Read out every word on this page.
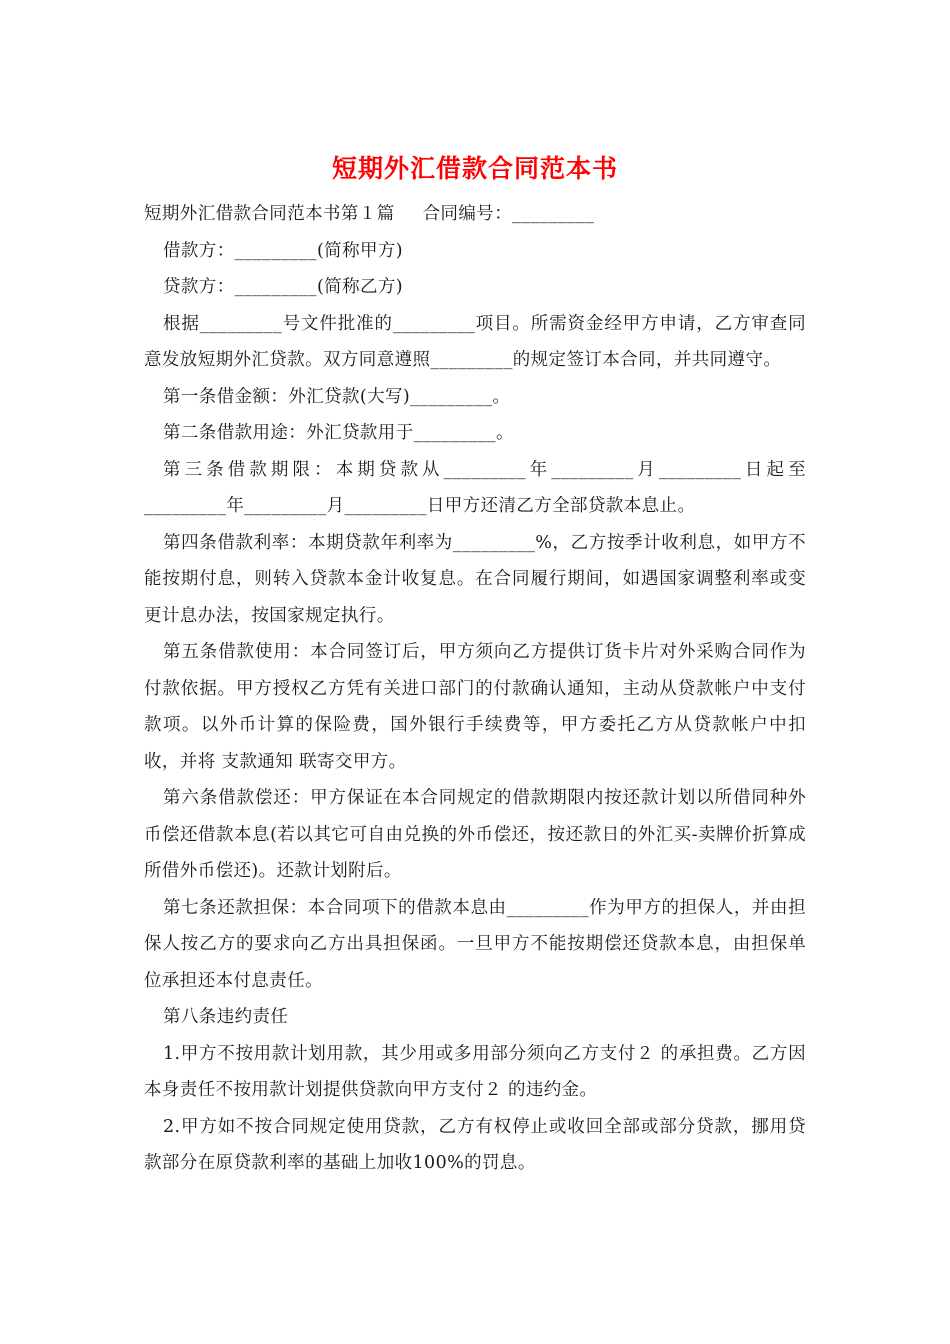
短期外汇借款合同范本书

短期外汇借款合同范本书第１篇 合同编号：_________

借款方：_________(简称甲方)

贷款方：_________(简称乙方)

根据_________号文件批准的_________项目。所需资金经甲方申请，乙方审查同意发放短期外汇贷款。双方同意遵照_________的规定签订本合同，并共同遵守。

第一条借金额：外汇贷款(大写)_________。

第二条借款用途：外汇贷款用于_________。

第三条借款期限：本期贷款从_________年_________月_________日起至_________年_________月_________日甲方还清乙方全部贷款本息止。

第四条借款利率：本期贷款年利率为_________%，乙方按季计收利息，如甲方不能按期付息，则转入贷款本金计收复息。在合同履行期间，如遇国家调整利率或变更计息办法，按国家规定执行。

第五条借款使用：本合同签订后，甲方须向乙方提供订货卡片对外采购合同作为付款依据。甲方授权乙方凭有关进口部门的付款确认通知，主动从贷款帐户中支付款项。以外币计算的保险费，国外银行手续费等，甲方委托乙方从贷款帐户中扣收，并将 支款通知 联寄交甲方。

第六条借款偿还：甲方保证在本合同规定的借款期限内按还款计划以所借同种外币偿还借款本息(若以其它可自由兑换的外币偿还，按还款日的外汇买-卖牌价折算成所借外币偿还)。还款计划附后。

第七条还款担保：本合同项下的借款本息由_________作为甲方的担保人，并由担保人按乙方的要求向乙方出具担保函。一旦甲方不能按期偿还贷款本息，由担保单位承担还本付息责任。

第八条违约责任

1.甲方不按用款计划用款，其少用或多用部分须向乙方支付２ 的承担费。乙方因本身责任不按用款计划提供贷款向甲方支付２ 的违约金。

2.甲方如不按合同规定使用贷款，乙方有权停止或收回全部或部分贷款，挪用贷款部分在原贷款利率的基础上加收100%的罚息。
